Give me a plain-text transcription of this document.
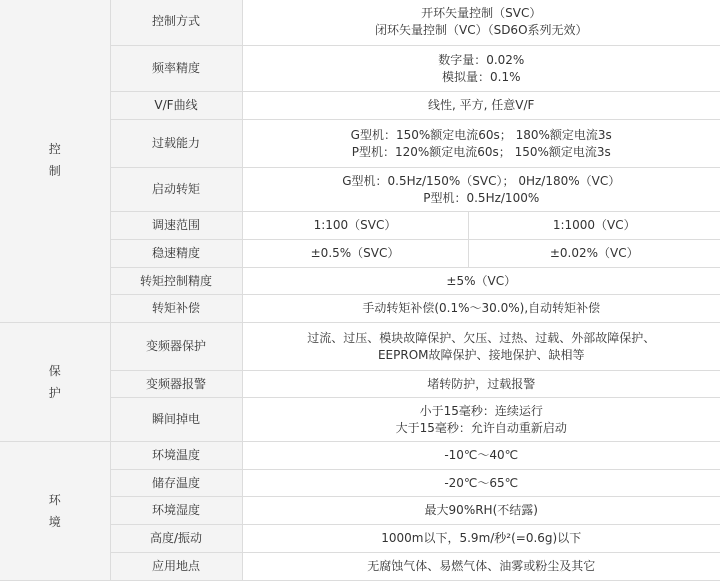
控制	控制方式	开环矢量控制（SVC）
闭环矢量控制（VC）（SD6O系列无效）	

	频率精度	数字量：0.02%
模拟量：0.1%	

	V/F曲线	线性, 平方, 任意V/F	

	过载能力	G型机：150%额定电流60s； 180%额定电流3s
P型机：120%额定电流60s； 150%额定电流3s	

	启动转矩	G型机：0.5Hz/150%（SVC）； 0Hz/180%（VC）
P型机：0.5Hz/100%	

	调速范围	1:100（SVC）	1:1000（VC）
	稳速精度	±0.5%（SVC）	±0.02%（VC）
	转矩控制精度	±5%（VC）	

	转矩补偿	手动转矩补偿(0.1%～30.0%),自动转矩补偿	

保护	变频器保护	过流、过压、模块故障保护、欠压、过热、过载、外部故障保护、
EEPROM故障保护、接地保护、缺相等	

	变频器报警	堵转防护，过载报警	

	瞬间掉电	小于15毫秒：连续运行
大于15毫秒：允许自动重新启动	

环境	环境温度	-10℃～40℃	

	储存温度	-20℃～65℃	

	环境湿度	最大90%RH(不结露)	

	高度/振动	1000m以下，5.9m/秒²(=0.6g)以下	

	应用地点	无腐蚀气体、易燃气体、油雾或粉尘及其它	
